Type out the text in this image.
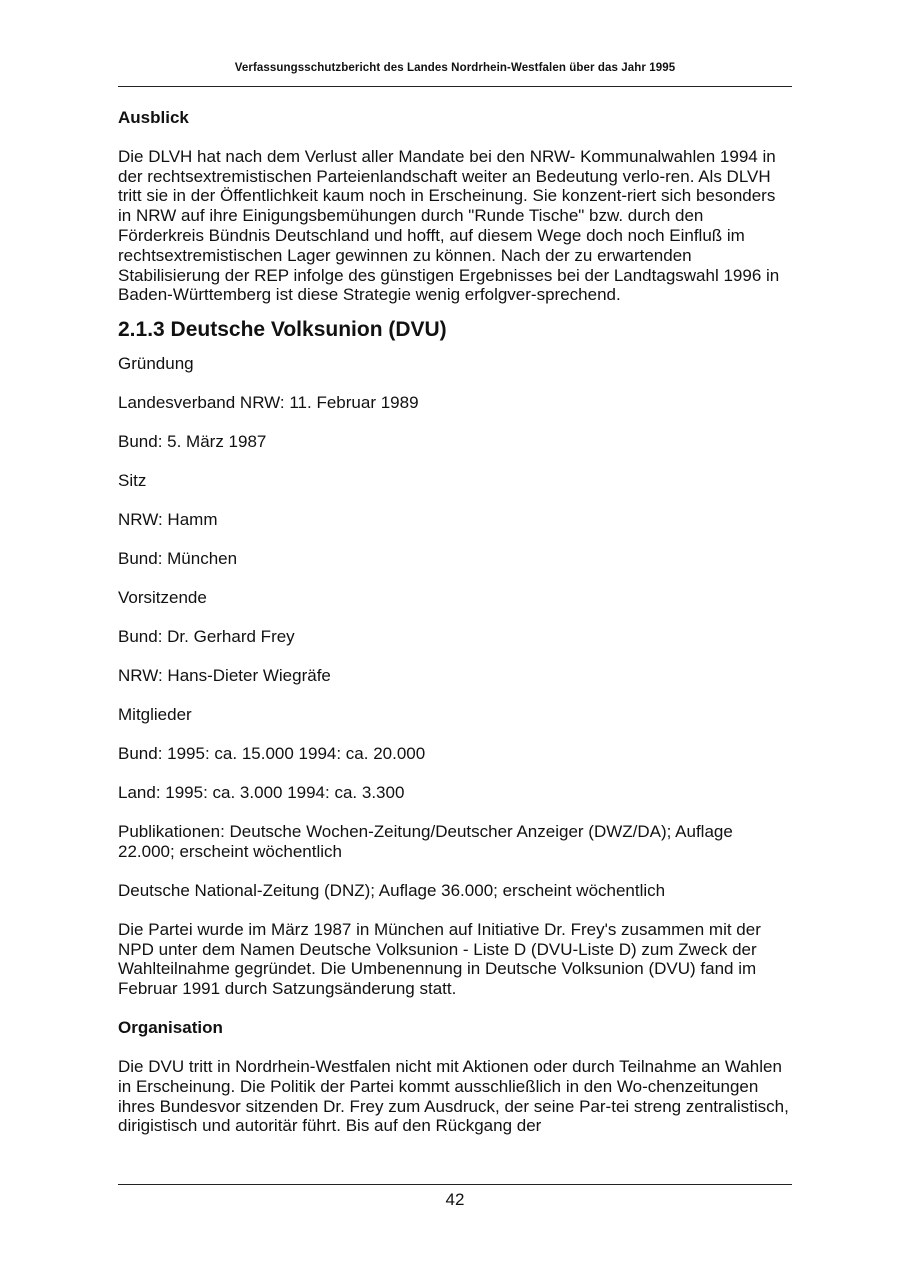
Verfassungsschutzbericht des Landes Nordrhein-Westfalen über das Jahr 1995
Ausblick

Die DLVH hat nach dem Verlust aller Mandate bei den NRW- Kommunalwahlen 1994 in der rechtsextremistischen Parteienlandschaft weiter an Bedeutung verlo-ren. Als DLVH tritt sie in der Öffentlichkeit kaum noch in Erscheinung. Sie konzent-riert sich besonders in NRW auf ihre Einigungsbemühungen durch "Runde Tische" bzw. durch den Förderkreis Bündnis Deutschland und hofft, auf diesem Wege doch noch Einfluß im rechtsextremistischen Lager gewinnen zu können. Nach der zu erwartenden Stabilisierung der REP infolge des günstigen Ergebnisses bei der Landtagswahl 1996 in Baden-Württemberg ist diese Strategie wenig erfolgver-sprechend.

2.1.3 Deutsche Volksunion (DVU)

Gründung

Landesverband NRW: 11. Februar 1989

Bund: 5. März 1987

Sitz

NRW: Hamm

Bund: München

Vorsitzende

Bund: Dr. Gerhard Frey

NRW: Hans-Dieter Wiegräfe

Mitglieder

Bund: 1995: ca. 15.000 1994: ca. 20.000

Land: 1995: ca. 3.000 1994: ca. 3.300

Publikationen: Deutsche Wochen-Zeitung/Deutscher Anzeiger (DWZ/DA); Auflage 22.000; erscheint wöchentlich

Deutsche National-Zeitung (DNZ); Auflage 36.000; erscheint wöchentlich

Die Partei wurde im März 1987 in München auf Initiative Dr. Frey's zusammen mit der NPD unter dem Namen Deutsche Volksunion - Liste D (DVU-Liste D) zum Zweck der Wahlteilnahme gegründet. Die Umbenennung in Deutsche Volksunion (DVU) fand im Februar 1991 durch Satzungsänderung statt.

Organisation

Die DVU tritt in Nordrhein-Westfalen nicht mit Aktionen oder durch Teilnahme an Wahlen in Erscheinung. Die Politik der Partei kommt ausschließlich in den Wo-chenzeitungen ihres Bundesvor sitzenden Dr. Frey zum Ausdruck, der seine Par-tei streng zentralistisch, dirigistisch und autoritär führt. Bis auf den Rückgang der

42
